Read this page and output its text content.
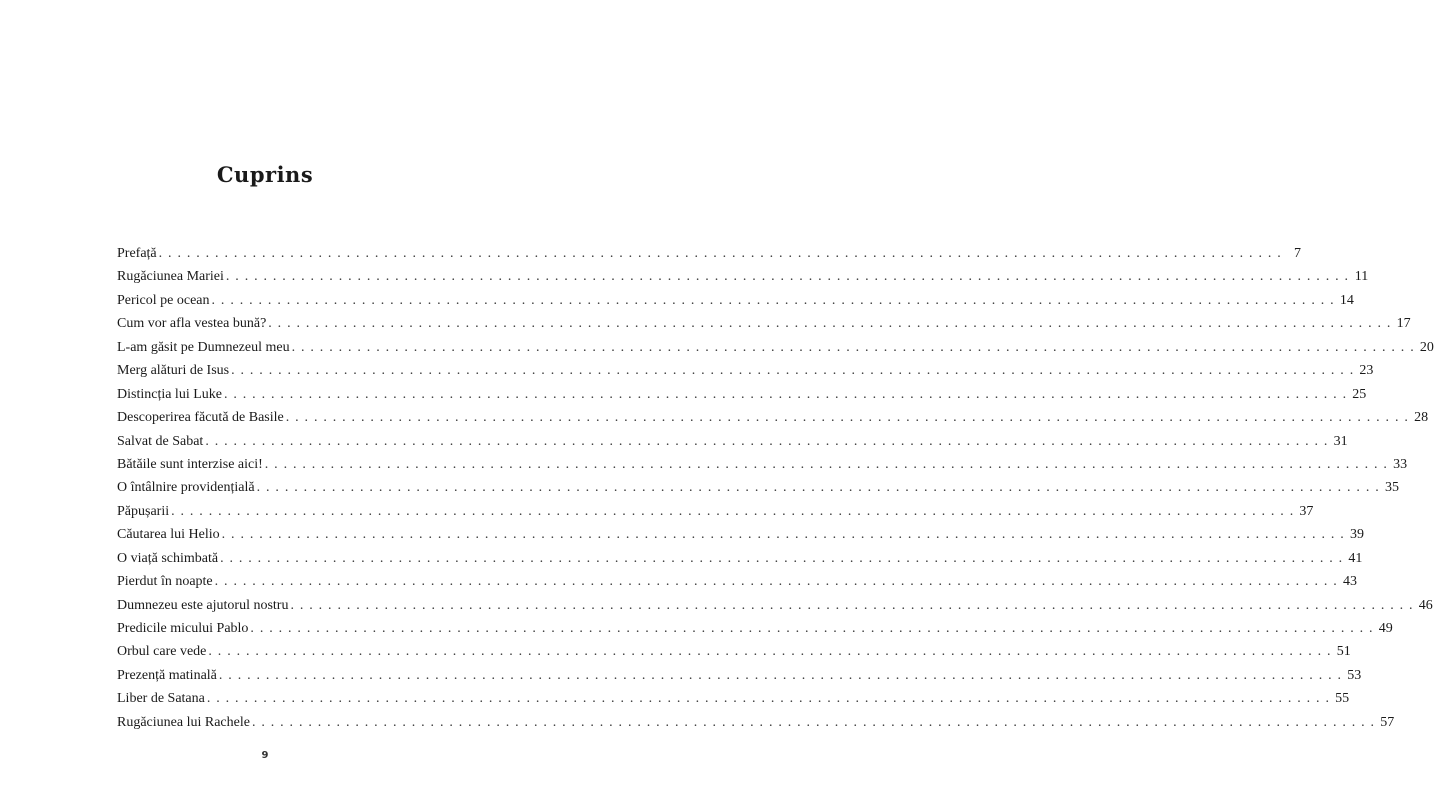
Cuprins
Prefață . . . . . . . . . . . . . . . . . . . . . . . . . . . . . . . . . . . . . . . . . . . . . . . . . . . . . . . . . . . . . . . . . . . . . . . . . . . . . . . . . . . . . . . . . . . . . . . . . . . . . . . . . . . . . . . . . . . . . . . . 7
Rugăciunea Mariei . . . . . . . . . . . . . . . . . . . . . . . . . . . . . . . . . . . . . . . . . . . . . . . . . . . . . . . . . . . . . . . . . . . . . . . . . . . . . . . . . . . . . . . . . . . . . . . . . . . . . . . . . . . . . . . . . . . . . . . . 11
Pericol pe ocean . . . . . . . . . . . . . . . . . . . . . . . . . . . . . . . . . . . . . . . . . . . . . . . . . . . . . . . . . . . . . . . . . . . . . . . . . . . . . . . . . . . . . . . . . . . . . . . . . . . . . . . . . . . . . . . . . . . . . . . . 14
Cum vor afla vestea bună? . . . . . . . . . . . . . . . . . . . . . . . . . . . . . . . . . . . . . . . . . . . . . . . . . . . . . . . . . . . . . . . . . . . . . . . . . . . . . . . . . . . . . . . . . . . . . . . . . . . . . . . . . . . . . . . . . . . . . . . . 17
L-am găsit pe Dumnezeul meu . . . . . . . . . . . . . . . . . . . . . . . . . . . . . . . . . . . . . . . . . . . . . . . . . . . . . . . . . . . . . . . . . . . . . . . . . . . . . . . . . . . . . . . . . . . . . . . . . . . . . . . . . . . . . . . . . . . . . . . . 20
Merg alături de Isus . . . . . . . . . . . . . . . . . . . . . . . . . . . . . . . . . . . . . . . . . . . . . . . . . . . . . . . . . . . . . . . . . . . . . . . . . . . . . . . . . . . . . . . . . . . . . . . . . . . . . . . . . . . . . . . . . . . . . . . . 23
Distincția lui Luke . . . . . . . . . . . . . . . . . . . . . . . . . . . . . . . . . . . . . . . . . . . . . . . . . . . . . . . . . . . . . . . . . . . . . . . . . . . . . . . . . . . . . . . . . . . . . . . . . . . . . . . . . . . . . . . . . . . . . . . . 25
Descoperirea făcută de Basile . . . . . . . . . . . . . . . . . . . . . . . . . . . . . . . . . . . . . . . . . . . . . . . . . . . . . . . . . . . . . . . . . . . . . . . . . . . . . . . . . . . . . . . . . . . . . . . . . . . . . . . . . . . . . . . . . . . . . . . . 28
Salvat de Sabat . . . . . . . . . . . . . . . . . . . . . . . . . . . . . . . . . . . . . . . . . . . . . . . . . . . . . . . . . . . . . . . . . . . . . . . . . . . . . . . . . . . . . . . . . . . . . . . . . . . . . . . . . . . . . . . . . . . . . . . . 31
Bătăile sunt interzise aici! . . . . . . . . . . . . . . . . . . . . . . . . . . . . . . . . . . . . . . . . . . . . . . . . . . . . . . . . . . . . . . . . . . . . . . . . . . . . . . . . . . . . . . . . . . . . . . . . . . . . . . . . . . . . . . . . . . . . . . . . 33
O întâlnire providențială . . . . . . . . . . . . . . . . . . . . . . . . . . . . . . . . . . . . . . . . . . . . . . . . . . . . . . . . . . . . . . . . . . . . . . . . . . . . . . . . . . . . . . . . . . . . . . . . . . . . . . . . . . . . . . . . . . . . . . . . 35
Păpușarii . . . . . . . . . . . . . . . . . . . . . . . . . . . . . . . . . . . . . . . . . . . . . . . . . . . . . . . . . . . . . . . . . . . . . . . . . . . . . . . . . . . . . . . . . . . . . . . . . . . . . . . . . . . . . . . . . . . . . . . . 37
Căutarea lui Helio . . . . . . . . . . . . . . . . . . . . . . . . . . . . . . . . . . . . . . . . . . . . . . . . . . . . . . . . . . . . . . . . . . . . . . . . . . . . . . . . . . . . . . . . . . . . . . . . . . . . . . . . . . . . . . . . . . . . . . . . 39
O viață schimbată . . . . . . . . . . . . . . . . . . . . . . . . . . . . . . . . . . . . . . . . . . . . . . . . . . . . . . . . . . . . . . . . . . . . . . . . . . . . . . . . . . . . . . . . . . . . . . . . . . . . . . . . . . . . . . . . . . . . . . . . 41
Pierdut în noapte . . . . . . . . . . . . . . . . . . . . . . . . . . . . . . . . . . . . . . . . . . . . . . . . . . . . . . . . . . . . . . . . . . . . . . . . . . . . . . . . . . . . . . . . . . . . . . . . . . . . . . . . . . . . . . . . . . . . . . . . 43
Dumnezeu este ajutorul nostru . . . . . . . . . . . . . . . . . . . . . . . . . . . . . . . . . . . . . . . . . . . . . . . . . . . . . . . . . . . . . . . . . . . . . . . . . . . . . . . . . . . . . . . . . . . . . . . . . . . . . . . . . . . . . . . . . . . . . . . . 46
Predicile micului Pablo . . . . . . . . . . . . . . . . . . . . . . . . . . . . . . . . . . . . . . . . . . . . . . . . . . . . . . . . . . . . . . . . . . . . . . . . . . . . . . . . . . . . . . . . . . . . . . . . . . . . . . . . . . . . . . . . . . . . . . . . 49
Orbul care vede . . . . . . . . . . . . . . . . . . . . . . . . . . . . . . . . . . . . . . . . . . . . . . . . . . . . . . . . . . . . . . . . . . . . . . . . . . . . . . . . . . . . . . . . . . . . . . . . . . . . . . . . . . . . . . . . . . . . . . . . 51
Prezență matinală . . . . . . . . . . . . . . . . . . . . . . . . . . . . . . . . . . . . . . . . . . . . . . . . . . . . . . . . . . . . . . . . . . . . . . . . . . . . . . . . . . . . . . . . . . . . . . . . . . . . . . . . . . . . . . . . . . . . . . . . 53
Liber de Satana . . . . . . . . . . . . . . . . . . . . . . . . . . . . . . . . . . . . . . . . . . . . . . . . . . . . . . . . . . . . . . . . . . . . . . . . . . . . . . . . . . . . . . . . . . . . . . . . . . . . . . . . . . . . . . . . . . . . . . . . 55
Rugăciunea lui Rachele . . . . . . . . . . . . . . . . . . . . . . . . . . . . . . . . . . . . . . . . . . . . . . . . . . . . . . . . . . . . . . . . . . . . . . . . . . . . . . . . . . . . . . . . . . . . . . . . . . . . . . . . . . . . . . . . . . . . . . . . 57
9
